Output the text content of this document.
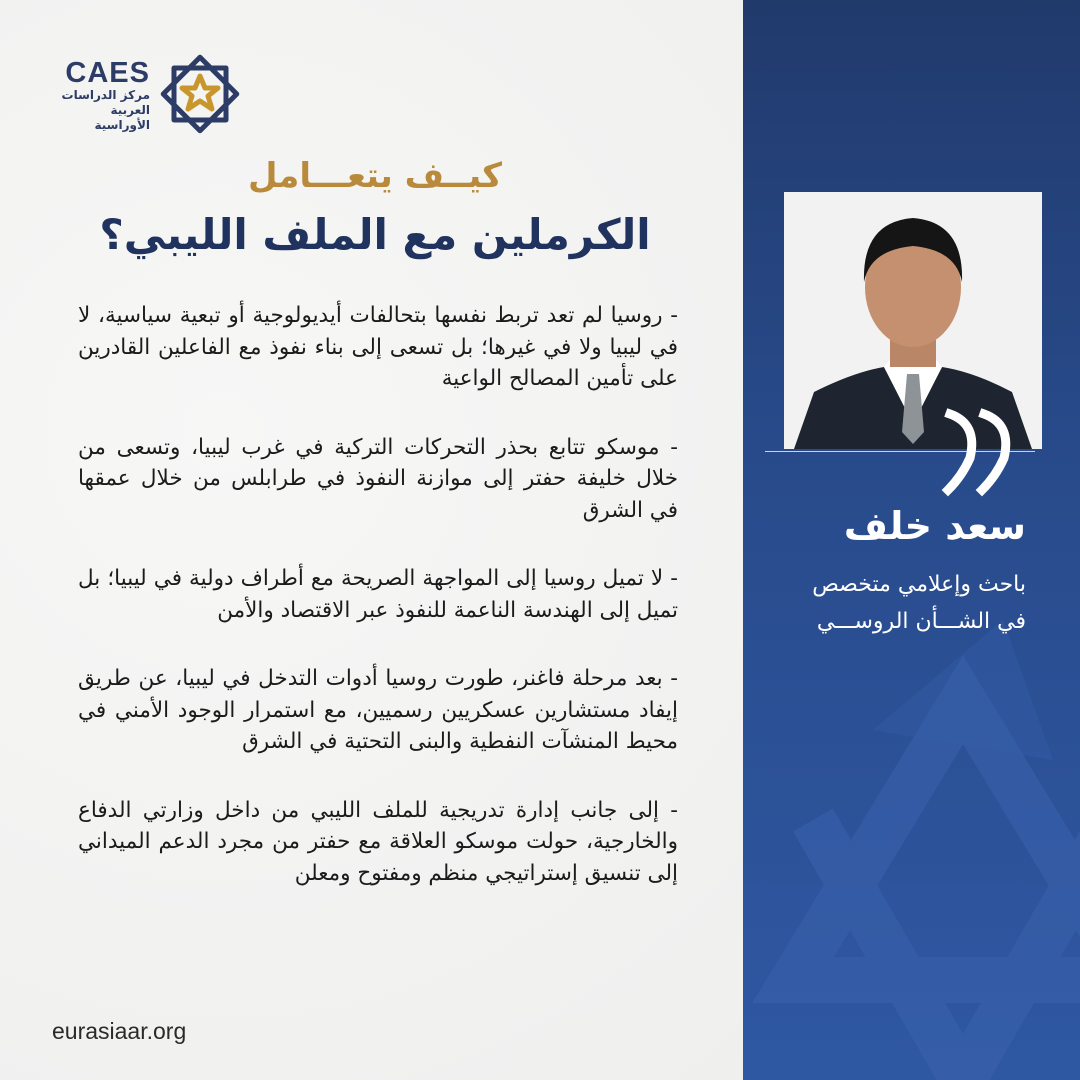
CAES
مركز الدراسات
العربية الأوراسية
كيــف يتعـــامل
الكرملين مع الملف الليبي؟

- روسيا لم تعد تربط نفسها بتحالفات أيديولوجية أو تبعية سياسية، لا في ليبيا ولا في غيرها؛ بل تسعى إلى بناء نفوذ مع الفاعلين القادرين على تأمين المصالح الواعية

- موسكو تتابع بحذر التحركات التركية في غرب ليبيا، وتسعى من خلال خليفة حفتر إلى موازنة النفوذ في طرابلس من خلال عمقها في الشرق

- لا تميل روسيا إلى المواجهة الصريحة مع أطراف دولية في ليبيا؛ بل تميل إلى الهندسة الناعمة للنفوذ عبر الاقتصاد والأمن

- بعد مرحلة فاغنر، طورت روسيا أدوات التدخل في ليبيا، عن طريق إيفاد مستشارين عسكريين رسميين، مع استمرار الوجود الأمني في محيط المنشآت النفطية والبنى التحتية في الشرق

- إلى جانب إدارة تدريجية للملف الليبي من داخل وزارتي الدفاع والخارجية، حولت موسكو العلاقة مع حفتر من مجرد الدعم الميداني إلى تنسيق إستراتيجي منظم ومفتوح ومعلن

eurasiaar.org
سعد خلف
باحث وإعلامي متخصص
في الشـــأن الروســـي
